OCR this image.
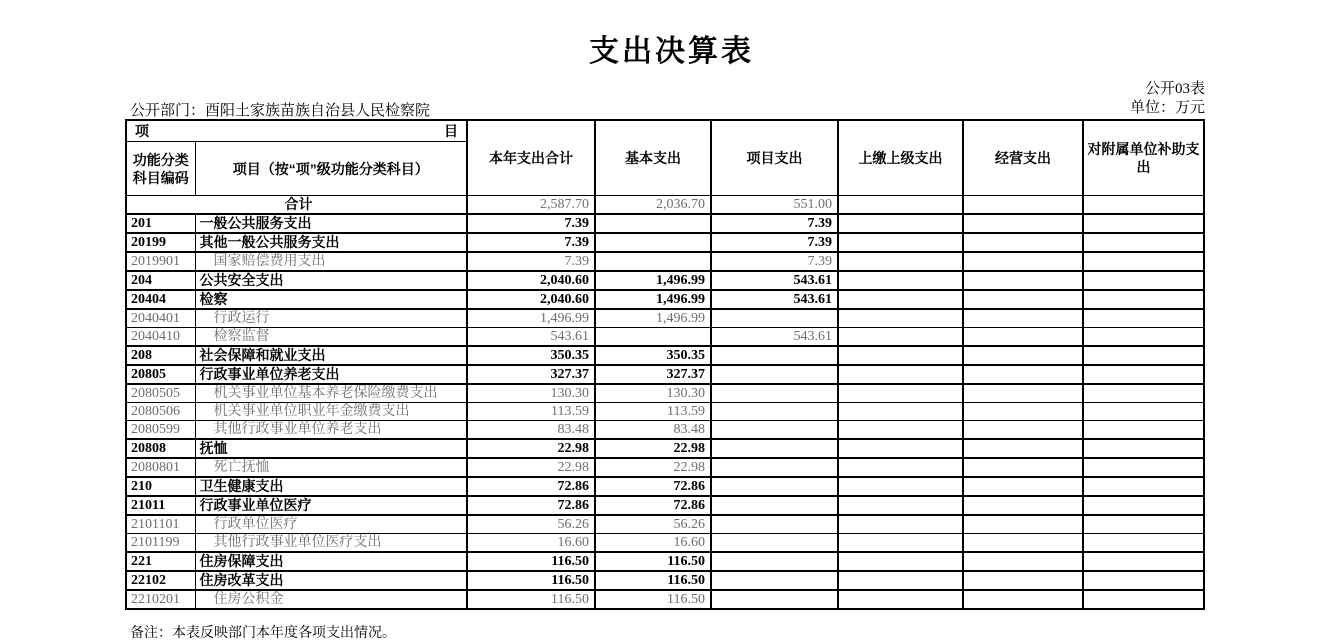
支出决算表
公开03表
单位：万元
公开部门：酉阳土家族苗族自治县人民检察院
项 目		本年支出合计	基本支出	项目支出	上缴上级支出	经营支出	对附属单位补助支出
功能分类科目编码	项目（按“项”级功能分类科目）						
合计		2,587.70	2,036.70	551.00			
201	一般公共服务支出	7.39		7.39			
20199	其他一般公共服务支出	7.39		7.39			
2019901	国家赔偿费用支出	7.39		7.39			
204	公共安全支出	2,040.60	1,496.99	543.61			
20404	检察	2,040.60	1,496.99	543.61			
2040401	行政运行	1,496.99	1,496.99				
2040410	检察监督	543.61		543.61			
208	社会保障和就业支出	350.35	350.35				
20805	行政事业单位养老支出	327.37	327.37				
2080505	机关事业单位基本养老保险缴费支出	130.30	130.30				
2080506	机关事业单位职业年金缴费支出	113.59	113.59				
2080599	其他行政事业单位养老支出	83.48	83.48				
20808	抚恤	22.98	22.98				
2080801	死亡抚恤	22.98	22.98				
210	卫生健康支出	72.86	72.86				
21011	行政事业单位医疗	72.86	72.86				
2101101	行政单位医疗	56.26	56.26				
2101199	其他行政事业单位医疗支出	16.60	16.60				
221	住房保障支出	116.50	116.50				
22102	住房改革支出	116.50	116.50				
2210201	住房公积金	116.50	116.50				
备注：本表反映部门本年度各项支出情况。
